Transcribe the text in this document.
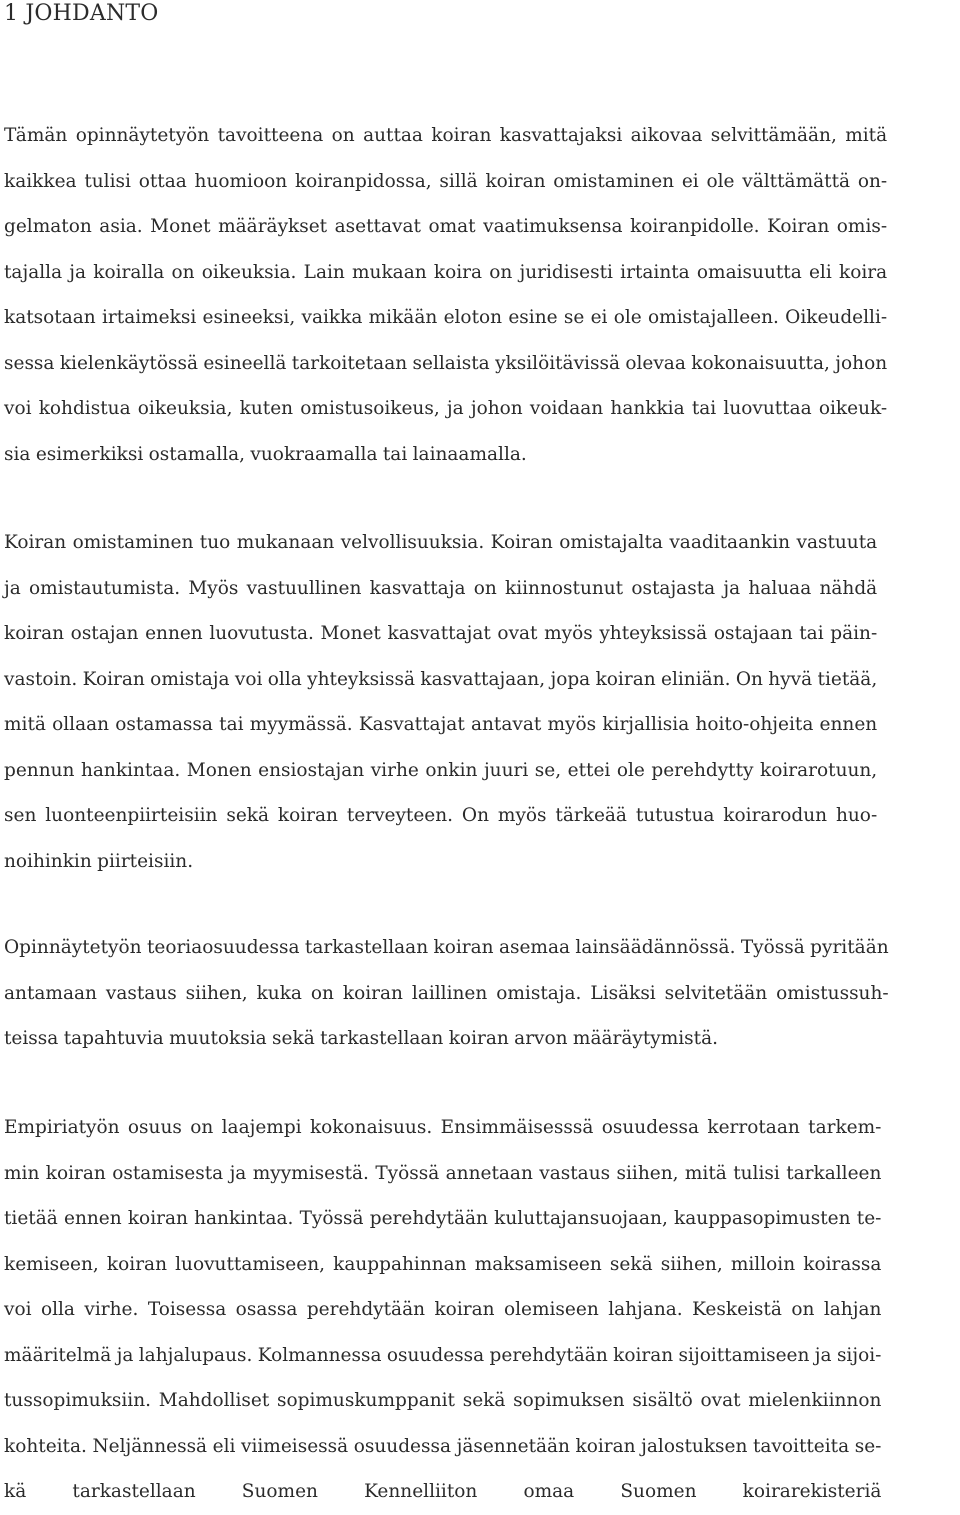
1 JOHDANTO
Tämän opinnäytetyön tavoitteena on auttaa koiran kasvattajaksi aikovaa selvittämään, mitä
kaikkea tulisi ottaa huomioon koiranpidossa, sillä koiran omistaminen ei ole välttämättä on-
gelmaton asia. Monet määräykset asettavat omat vaatimuksensa koiranpidolle. Koiran omis-
tajalla ja koiralla on oikeuksia. Lain mukaan koira on juridisesti irtainta omaisuutta eli koira
katsotaan irtaimeksi esineeksi, vaikka mikään eloton esine se ei ole omistajalleen. Oikeudelli-
sessa kielenkäytössä esineellä tarkoitetaan sellaista yksilöitävissä olevaa kokonaisuutta, johon
voi kohdistua oikeuksia, kuten omistusoikeus, ja johon voidaan hankkia tai luovuttaa oikeuk-
sia esimerkiksi ostamalla, vuokraamalla tai lainaamalla.
Koiran omistaminen tuo mukanaan velvollisuuksia. Koiran omistajalta vaaditaankin vastuuta
ja omistautumista. Myös vastuullinen kasvattaja on kiinnostunut ostajasta ja haluaa nähdä
koiran ostajan ennen luovutusta. Monet kasvattajat ovat myös yhteyksissä ostajaan tai päin-
vastoin. Koiran omistaja voi olla yhteyksissä kasvattajaan, jopa koiran eliniän. On hyvä tietää,
mitä ollaan ostamassa tai myymässä. Kasvattajat antavat myös kirjallisia hoito-ohjeita ennen
pennun hankintaa. Monen ensiostajan virhe onkin juuri se, ettei ole perehdytty koirarotuun,
sen luonteenpiirteisiin sekä koiran terveyteen. On myös tärkeää tutustua koirarodun huo-
noihinkin piirteisiin.
Opinnäytetyön teoriaosuudessa tarkastellaan koiran asemaa lainsäädännössä. Työssä pyritään
antamaan vastaus siihen, kuka on koiran laillinen omistaja. Lisäksi selvitetään omistussuh-
teissa tapahtuvia muutoksia sekä tarkastellaan koiran arvon määräytymistä.
Empiriatyön osuus on laajempi kokonaisuus. Ensimmäisesssä osuudessa kerrotaan tarkem-
min koiran ostamisesta ja myymisestä. Työssä annetaan vastaus siihen, mitä tulisi tarkalleen
tietää ennen koiran hankintaa. Työssä perehdytään kuluttajansuojaan, kauppasopimusten te-
kemiseen, koiran luovuttamiseen, kauppahinnan maksamiseen sekä siihen, milloin koirassa
voi olla virhe. Toisessa osassa perehdytään koiran olemiseen lahjana. Keskeistä on lahjan
määritelmä ja lahjalupaus. Kolmannessa osuudessa perehdytään koiran sijoittamiseen ja sijoi-
tussopimuksiin. Mahdolliset sopimuskumppanit sekä sopimuksen sisältö ovat mielenkiinnon
kohteita. Neljännessä eli viimeisessä osuudessa jäsennetään koiran jalostuksen tavoitteita se-
kä tarkastellaan Suomen Kennelliiton omaa Suomen koirarekisteriä
